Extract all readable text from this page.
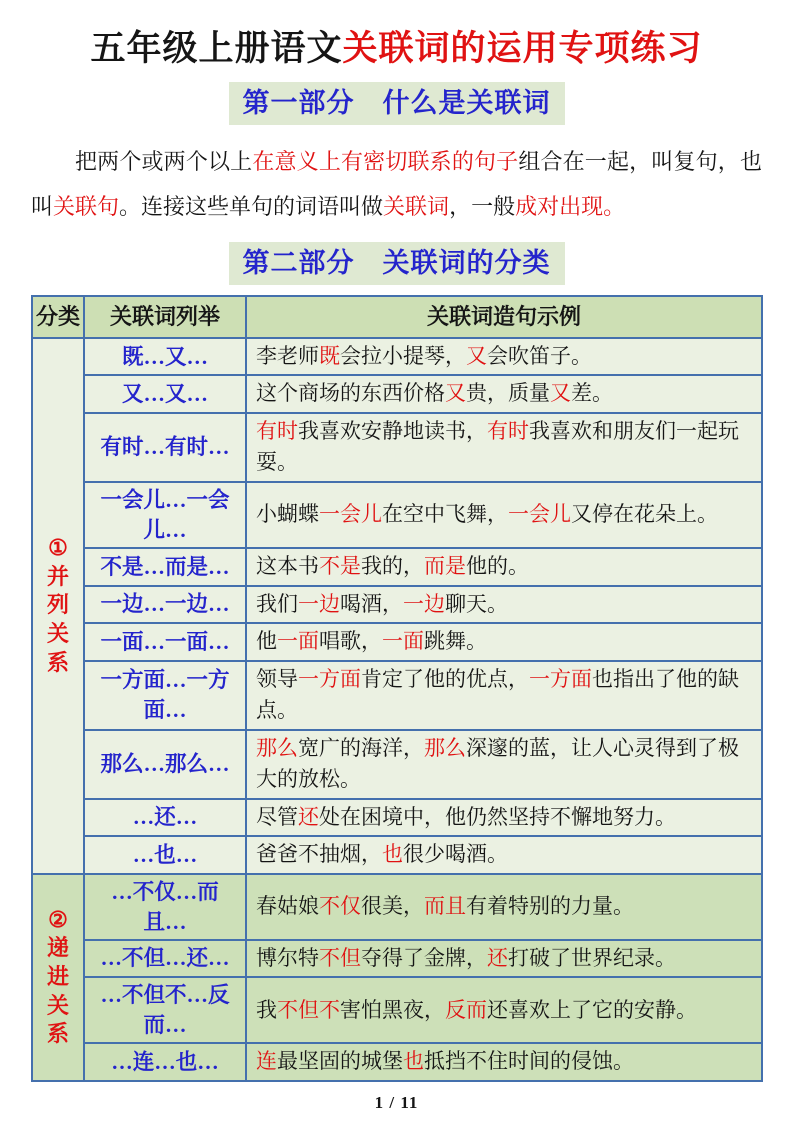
五年级上册语文关联词的运用专项练习
第一部分　什么是关联词

把两个或两个以上在意义上有密切联系的句子组合在一起，叫复句，也叫关联句。连接这些单句的词语叫做关联词，一般成对出现。

第二部分　关联词的分类
分类	关联词列举	关联词造句示例

①
并
列
关
系	既…又…	李老师既会拉小提琴，又会吹笛子。
	又…又…	这个商场的东西价格又贵，质量又差。
	有时…有时…	有时我喜欢安静地读书，有时我喜欢和朋友们一起玩耍。
	一会儿…一会儿…	小蝴蝶一会儿在空中飞舞，一会儿又停在花朵上。
	不是…而是…	这本书不是我的，而是他的。
	一边…一边…	我们一边喝酒，一边聊天。
	一面…一面…	他一面唱歌，一面跳舞。
	一方面…一方面…	领导一方面肯定了他的优点，一方面也指出了他的缺点。
	那么…那么…	那么宽广的海洋，那么深邃的蓝，让人心灵得到了极大的放松。
	…还…	尽管还处在困境中，他仍然坚持不懈地努力。
	…也…	爸爸不抽烟，也很少喝酒。

②
递
进
关
系	…不仅…而且…	春姑娘不仅很美，而且有着特别的力量。
	…不但…还…	博尔特不但夺得了金牌，还打破了世界纪录。
	…不但不…反而…	我不但不害怕黑夜，反而还喜欢上了它的安静。
	…连…也…	连最坚固的城堡也抵挡不住时间的侵蚀。
1 / 11
